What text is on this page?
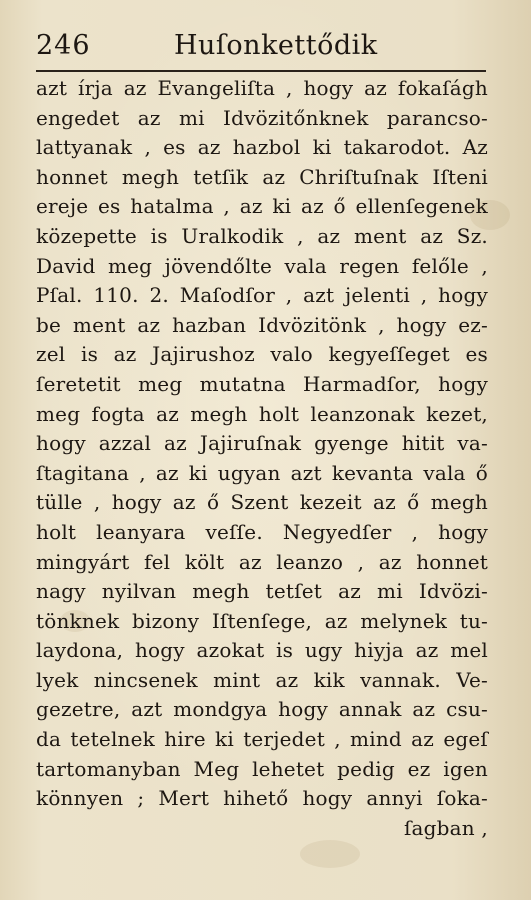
246	Huſonkettődik
azt írja az Evangeliſta , hogy az fokaſágh
engedet az mi Idvözitőnknek parancso-
lattyanak , es az hazbol ki takarodot. Az
honnet megh tetſik az Chriſtuſnak Iſteni
ereje es hatalma , az ki az ő ellenſegenek
közepette is Uralkodik , az ment az Sz.
David meg jövendőlte vala regen felőle ,
Pſal. 110. 2. Maſodſor , azt jelenti , hogy
be ment az hazban Idvözitönk , hogy ez-
zel is az Jajirushoz valo kegyeſſeget es
ſeretetit meg mutatna Harmadſor, hogy
meg fogta az megh holt leanzonak kezet,
hogy azzal az Jajiruſnak gyenge hitit va-
ſtagitana , az ki ugyan azt kevanta vala ő
tülle , hogy az ő Szent kezeit az ő megh
holt leanyara veſſe. Negyedſer , hogy
mingyárt fel költ az leanzo , az honnet
nagy nyilvan megh tetſet az mi Idvözi-
tönknek bizony Iſtenſege, az melynek tu-
laydona, hogy azokat is ugy hiyja az mel
lyek nincsenek mint az kik vannak. Ve-
gezetre, azt mondgya hogy annak az csu-
da tetelnek hire ki terjedet , mind az egeſ
tartomanyban Meg lehetet pedig ez igen
könnyen ; Mert hihető hogy annyi ſoka-
ſagban ,
